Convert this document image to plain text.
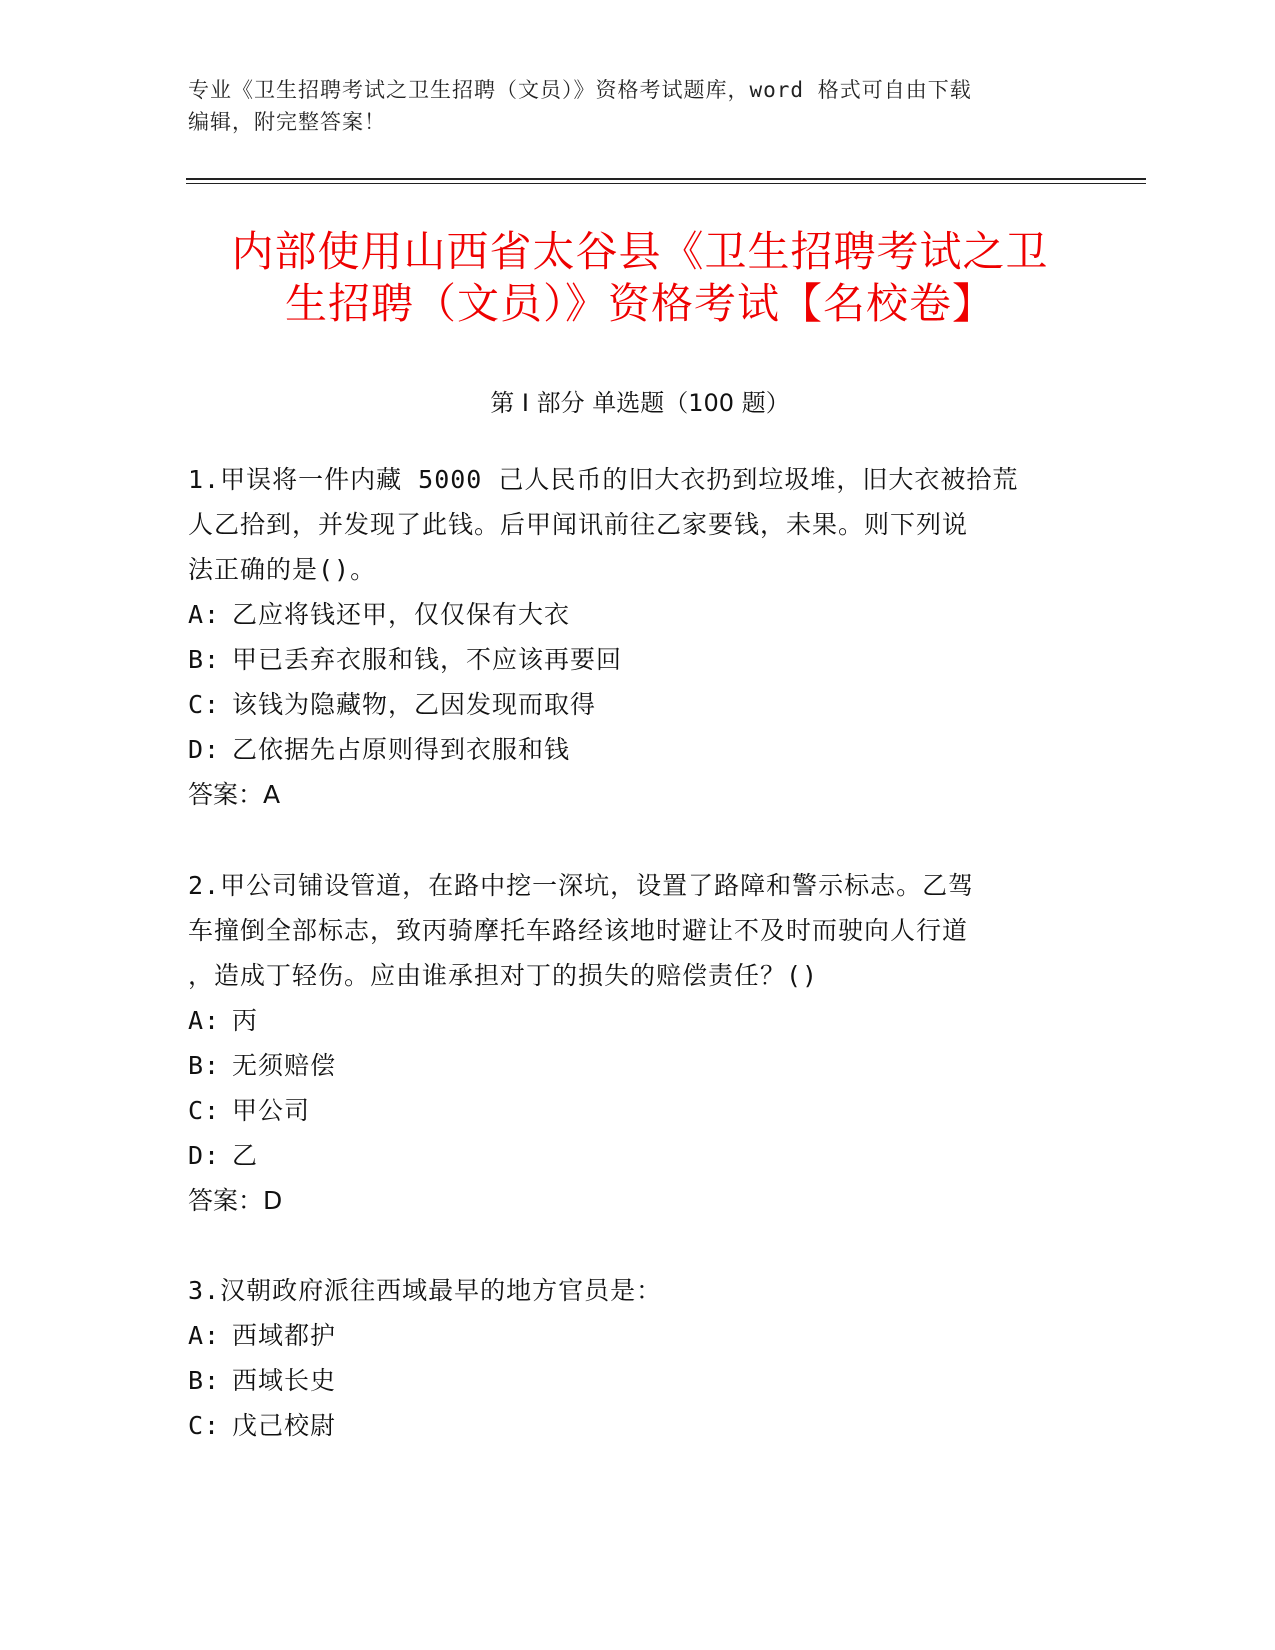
专业《卫生招聘考试之卫生招聘（文员）》资格考试题库，word 格式可自由下载
编辑，附完整答案！
内部使用山西省太谷县《卫生招聘考试之卫
生招聘（文员）》资格考试【名校卷】
第 I 部分 单选题（100 题）

1.甲误将一件内藏 5000 己人民币的旧大衣扔到垃圾堆，旧大衣被拾荒

人乙拾到，并发现了此钱。后甲闻讯前往乙家要钱，未果。则下列说

法正确的是()。

A: 乙应将钱还甲，仅仅保有大衣

B: 甲已丢弃衣服和钱，不应该再要回

C: 该钱为隐藏物，乙因发现而取得

D: 乙依据先占原则得到衣服和钱

答案：A

2.甲公司铺设管道，在路中挖一深坑，设置了路障和警示标志。乙驾

车撞倒全部标志，致丙骑摩托车路经该地时避让不及时而驶向人行道

，造成丁轻伤。应由谁承担对丁的损失的赔偿责任？()

A: 丙

B: 无须赔偿

C: 甲公司

D: 乙

答案：D

3.汉朝政府派往西域最早的地方官员是：

A: 西域都护

B: 西域长史

C: 戊己校尉
